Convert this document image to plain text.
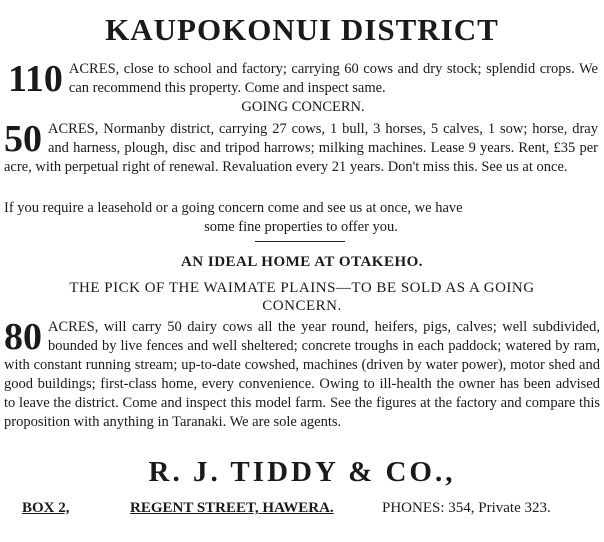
KAUPOKONUI DISTRICT
110 ACRES, close to school and factory; carrying 60 cows and dry stock; splendid crops. We can recommend this property. Come and inspect same.
GOING CONCERN.
50 ACRES, Normanby district, carrying 27 cows, 1 bull, 3 horses, 5 calves, 1 sow; horse, dray and harness, plough, disc and tripod harrows; milking machines. Lease 9 years. Rent, £35 per acre, with perpetual right of renewal. Revaluation every 21 years. Don't miss this. See us at once.
If you require a leasehold or a going concern come and see us at once, we have
some fine properties to offer you.
AN IDEAL HOME AT OTAKEHO.
THE PICK OF THE WAIMATE PLAINS—TO BE SOLD AS A GOING
CONCERN.
80 ACRES, will carry 50 dairy cows all the year round, heifers, pigs, calves; well subdivided, bounded by live fences and well sheltered; concrete troughs in each paddock; watered by ram, with constant running stream; up-to-date cowshed, machines (driven by water power), motor shed and good buildings; first-class home, every convenience. Owing to ill-health the owner has been advised to leave the district. Come and inspect this model farm. See the figures at the factory and compare this proposition with anything in Taranaki. We are sole agents.
R. J. TIDDY & CO.,
BOX 2,	REGENT STREET, HAWERA.	PHONES: 354, Private 323.
